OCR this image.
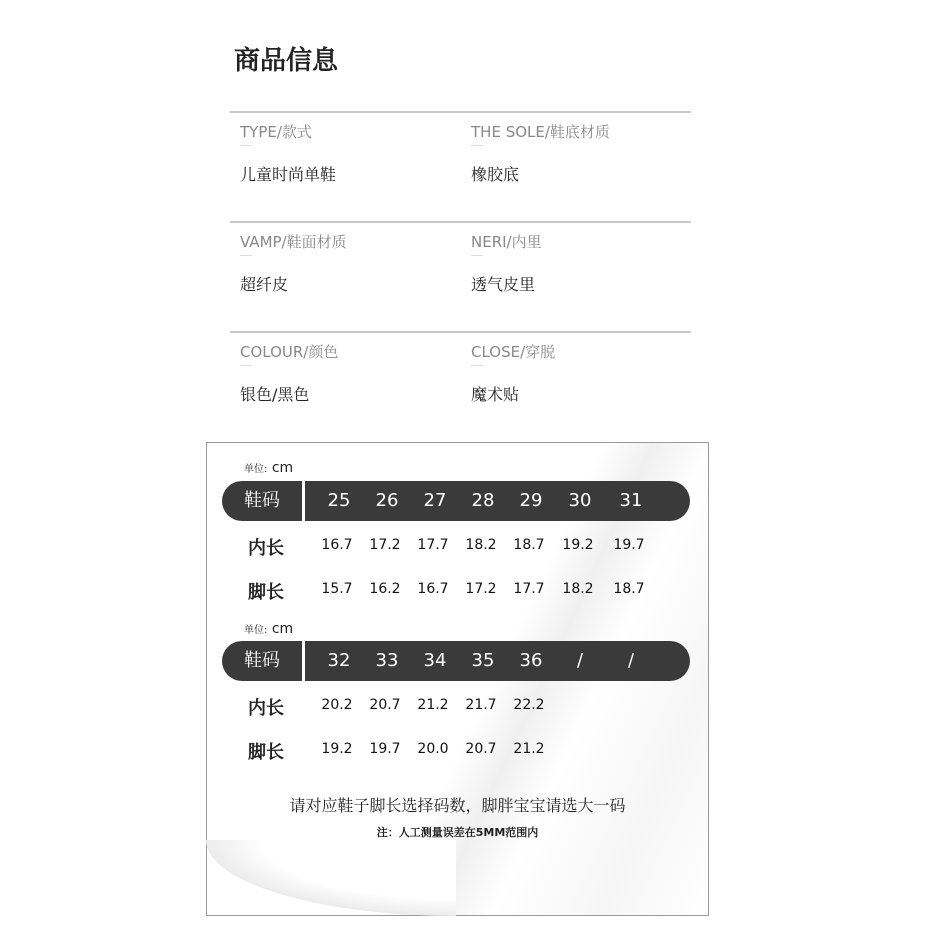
商品信息
TYPE/款式
儿童时尚单鞋
THE SOLE/鞋底材质
橡胶底
VAMP/鞋面材质
超纤皮
NERI/内里
透气皮里
COLOUR/颜色
银色/黑色
CLOSE/穿脱
魔术贴
单位: cm
鞋码	25	26	27	28	29	30	31
内长	16.7	17.2	17.7	18.2	18.7	19.2	19.7
脚长	15.7	16.2	16.7	17.2	17.7	18.2	18.7
单位: cm
鞋码	32	33	34	35	36	/	/
内长	20.2	20.7	21.2	21.7	22.2
脚长	19.2	19.7	20.0	20.7	21.2
请对应鞋子脚长选择码数，脚胖宝宝请选大一码
注：人工测量误差在5MM范围内
